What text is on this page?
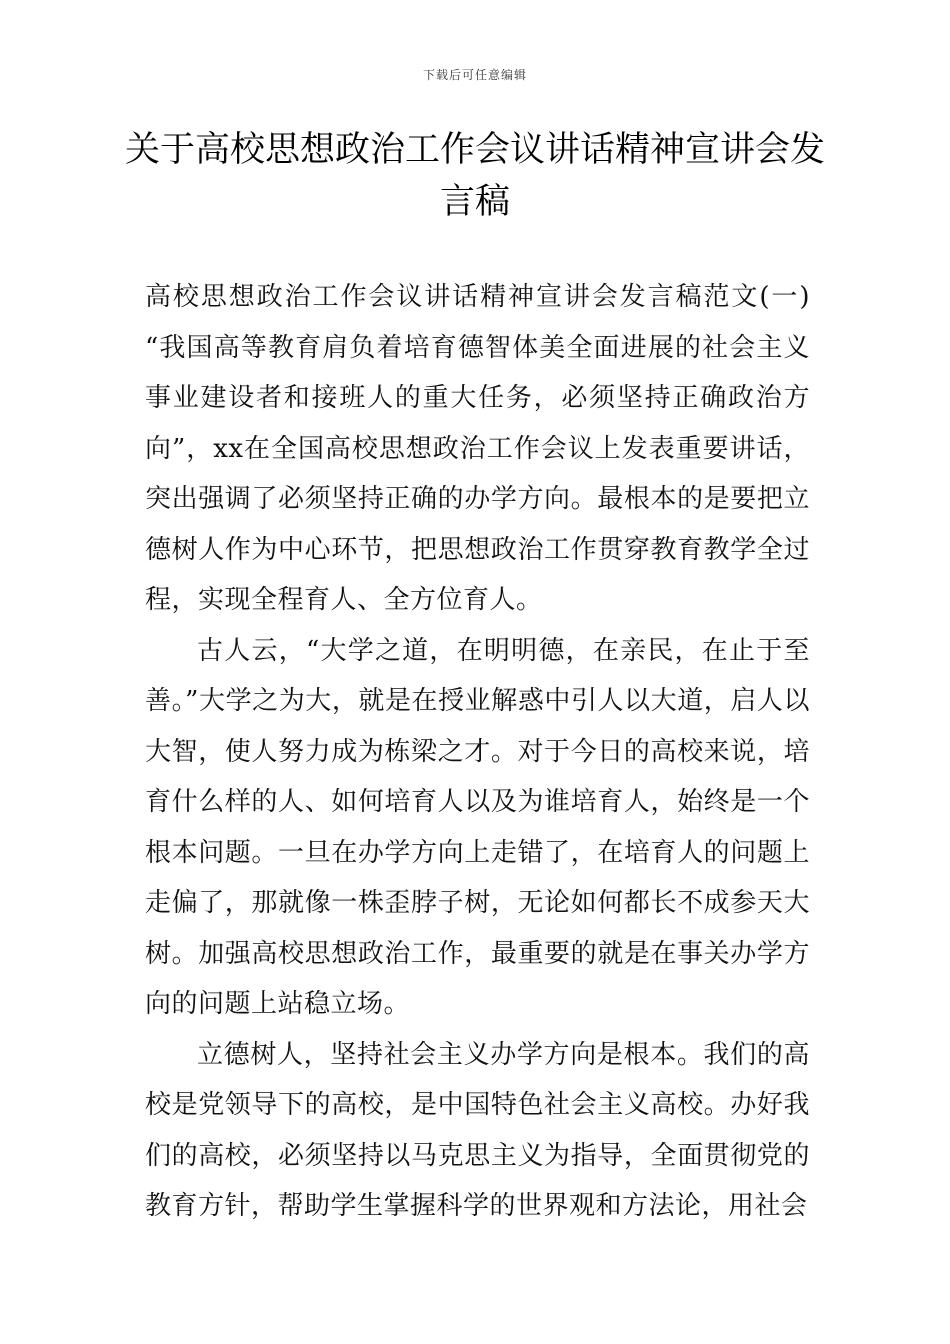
下载后可任意编辑
关于高校思想政治工作会议讲话精神宣讲会发言稿

高校思想政治工作会议讲话精神宣讲会发言稿范文(一) “我国高等教育肩负着培育德智体美全面进展的社会主义事业建设者和接班人的重大任务，必须坚持正确政治方向”，xx在全国高校思想政治工作会议上发表重要讲话，突出强调了必须坚持正确的办学方向。最根本的是要把立德树人作为中心环节，把思想政治工作贯穿教育教学全过程，实现全程育人、全方位育人。

古人云，“大学之道，在明明德，在亲民，在止于至善。”大学之为大，就是在授业解惑中引人以大道，启人以大智，使人努力成为栋梁之才。对于今日的高校来说，培育什么样的人、如何培育人以及为谁培育人，始终是一个根本问题。一旦在办学方向上走错了，在培育人的问题上走偏了，那就像一株歪脖子树，无论如何都长不成参天大树。加强高校思想政治工作，最重要的就是在事关办学方向的问题上站稳立场。

立德树人，坚持社会主义办学方向是根本。我们的高校是党领导下的高校，是中国特色社会主义高校。办好我们的高校，必须坚持以马克思主义为指导，全面贯彻党的教育方针，帮助学生掌握科学的世界观和方法论，用社会
